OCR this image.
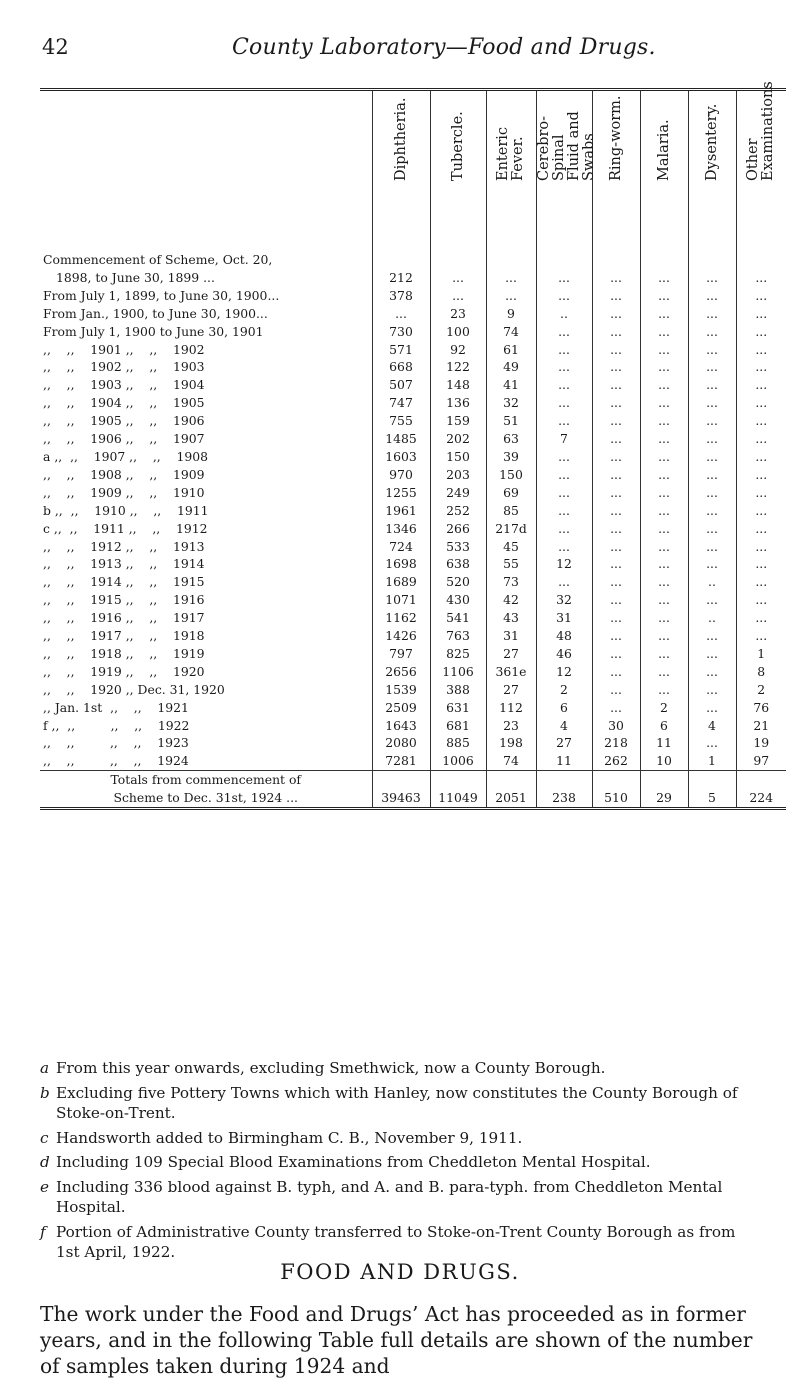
42	County Laboratory—Food and Drugs.

	Diphtheria.	Tubercle.	Enteric Fever.	Cerebro-Spinal Fluid and Swabs	Ring-worm.	Malaria.	Dysentery.	Other Examinations

Commencement of Scheme, Oct. 20,								
1898, to June 30, 1899 ...	212	...	...	...	...	...	...	...
From July 1, 1899, to June 30, 1900...	378	...	...	...	...	...	...	...
From Jan., 1900, to June 30, 1900...	...	23	9	..	...	...	...	...
From July 1, 1900 to June 30, 1901	730	100	74	...	...	...	...	...
,,    ,,    1901 ,,    ,,    1902	571	92	61	...	...	...	...	...
,,    ,,    1902 ,,    ,,    1903	668	122	49	...	...	...	...	...
,,    ,,    1903 ,,    ,,    1904	507	148	41	...	...	...	...	...
,,    ,,    1904 ,,    ,,    1905	747	136	32	...	...	...	...	...
,,    ,,    1905 ,,    ,,    1906	755	159	51	...	...	...	...	...
,,    ,,    1906 ,,    ,,    1907	1485	202	63	7	...	...	...	...
a ,,  ,,    1907 ,,    ,,    1908	1603	150	39	...	...	...	...	...
,,    ,,    1908 ,,    ,,    1909	970	203	150	...	...	...	...	...
,,    ,,    1909 ,,    ,,    1910	1255	249	69	...	...	...	...	...
b ,,  ,,    1910 ,,    ,,    1911	1961	252	85	...	...	...	...	...
c ,,  ,,    1911 ,,    ,,    1912	1346	266	217d	...	...	...	...	...
,,    ,,    1912 ,,    ,,    1913	724	533	45	...	...	...	...	...
,,    ,,    1913 ,,    ,,    1914	1698	638	55	12	...	...	...	...
,,    ,,    1914 ,,    ,,    1915	1689	520	73	...	...	...	..	...
,,    ,,    1915 ,,    ,,    1916	1071	430	42	32	...	...	...	...
,,    ,,    1916 ,,    ,,    1917	1162	541	43	31	...	...	..	...
,,    ,,    1917 ,,    ,,    1918	1426	763	31	48	...	...	...	...
,,    ,,    1918 ,,    ,,    1919	797	825	27	46	...	...	...	1
,,    ,,    1919 ,,    ,,    1920	2656	1106	361e	12	...	...	...	8
,,    ,,    1920 ,, Dec. 31, 1920	1539	388	27	2	...	...	...	2
,, Jan. 1st  ,,    ,,    1921	2509	631	112	6	...	2	...	76
f ,,  ,,         ,,    ,,    1922	1643	681	23	4	30	6	4	21
,,    ,,         ,,    ,,    1923	2080	885	198	27	218	11	...	19
,,    ,,         ,,    ,,    1924	7281	1006	74	11	262	10	1	97
Totals from commencement of								
Scheme to Dec. 31st, 1924 ...	39463	11049	2051	238	510	29	5	224
a From this year onwards, excluding Smethwick, now a County Borough.
b Excluding five Pottery Towns which with Hanley, now constitutes the County Borough of Stoke-on-Trent.
c Handsworth added to Birmingham C. B., November 9, 1911.
d Including 109 Special Blood Examinations from Cheddleton Mental Hospital.
e Including 336 blood against B. typh, and A. and B. para-typh. from Cheddleton Mental Hospital.
f Portion of Administrative County transferred to Stoke-on-Trent County Borough as from 1st April, 1922.
FOOD AND DRUGS.
The work under the Food and Drugs’ Act has proceeded as in former years, and in the following Table full details are shown of the number of samples taken during 1924 and
